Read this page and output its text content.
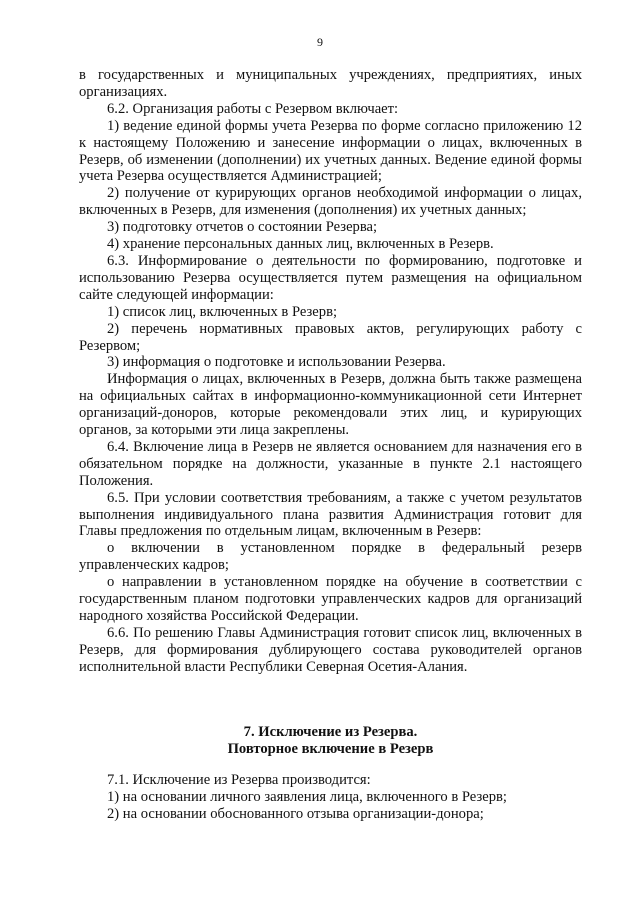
9

в государственных и муниципальных учреждениях, предприятиях, иных организациях.

6.2. Организация работы с Резервом включает:

1) ведение единой формы учета Резерва по форме согласно приложению 12 к настоящему Положению и занесение информации о лицах, включенных в Резерв, об изменении (дополнении) их учетных данных. Ведение единой формы учета Резерва осуществляется Администрацией;

2) получение от курирующих органов необходимой информации о лицах, включенных в Резерв, для изменения (дополнения) их учетных данных;

3) подготовку отчетов о состоянии Резерва;

4) хранение персональных данных лиц, включенных в Резерв.

6.3. Информирование о деятельности по формированию, подготовке и использованию Резерва осуществляется путем размещения на официальном сайте следующей информации:

1) список лиц, включенных в Резерв;

2) перечень нормативных правовых актов, регулирующих работу с Резервом;

3) информация о подготовке и использовании Резерва.

Информация о лицах, включенных в Резерв, должна быть также размещена на официальных сайтах в информационно-коммуникационной сети Интернет организаций-доноров, которые рекомендовали этих лиц, и курирующих органов, за которыми эти лица закреплены.

6.4. Включение лица в Резерв не является основанием для назначения его в обязательном порядке на должности, указанные в пункте 2.1 настоящего Положения.

6.5. При условии соответствия требованиям, а также с учетом результатов выполнения индивидуального плана развития Администрация готовит для Главы предложения по отдельным лицам, включенным в Резерв:

о включении в установленном порядке в федеральный резерв управленческих кадров;

о направлении в установленном порядке на обучение в соответствии с государственным планом подготовки управленческих кадров для организаций народного хозяйства Российской Федерации.

6.6. По решению Главы Администрация готовит список лиц, включенных в Резерв, для формирования дублирующего состава руководителей органов исполнительной власти Республики Северная Осетия-Алания.

7. Исключение из Резерва.

Повторное включение в Резерв

7.1. Исключение из Резерва производится:

1) на основании личного заявления лица, включенного в Резерв;

2) на основании обоснованного отзыва организации-донора;
